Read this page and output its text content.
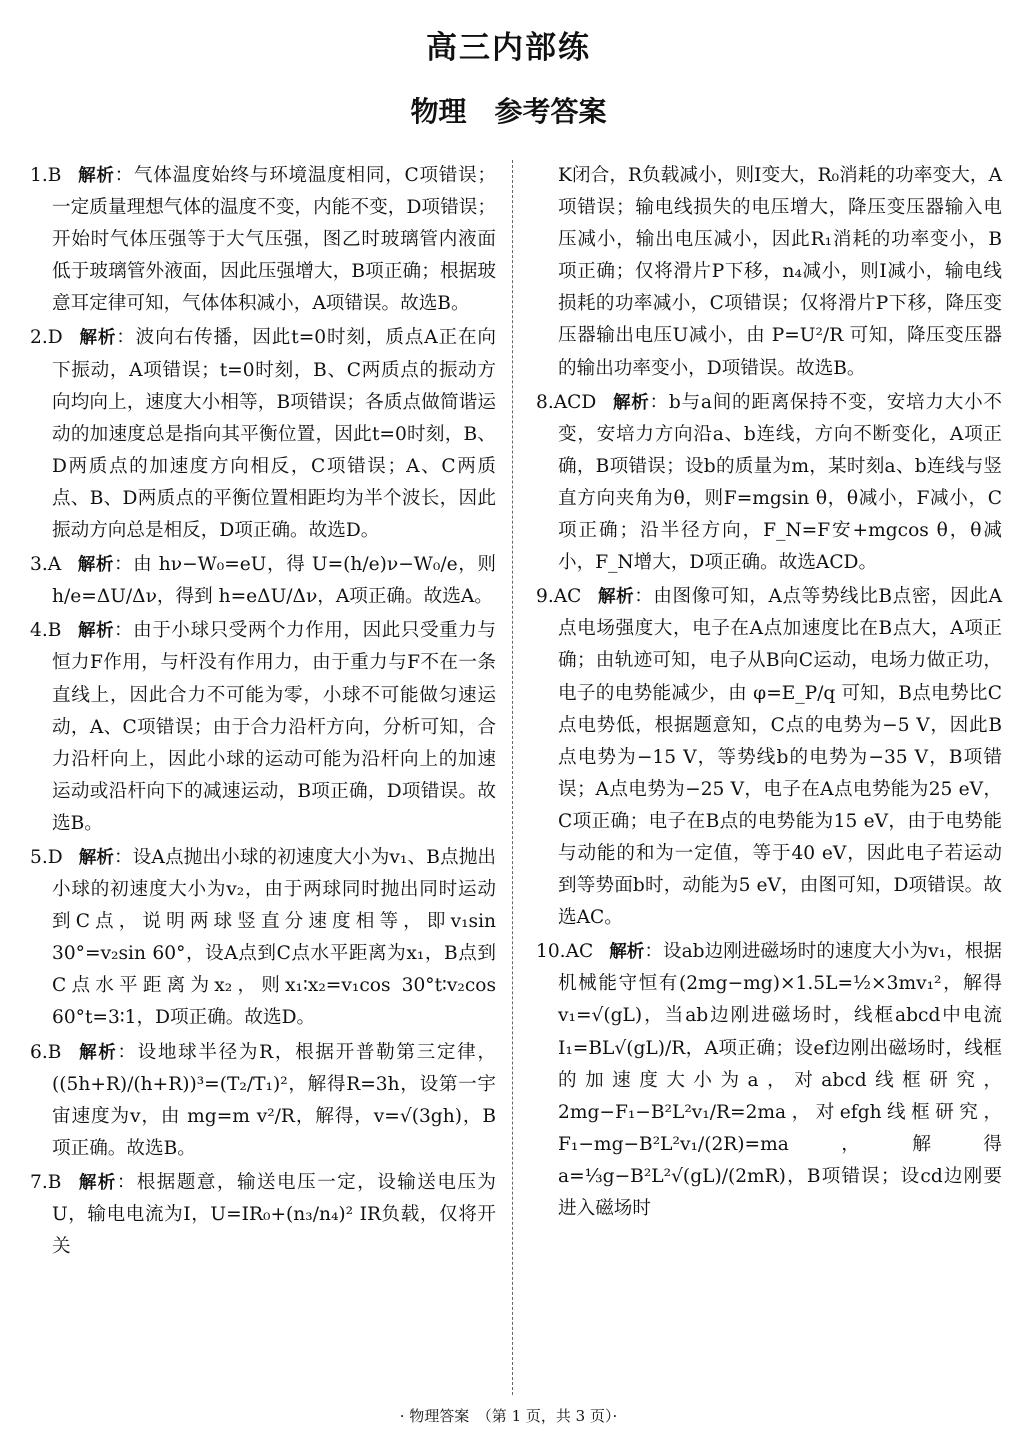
高三内部练
物理　参考答案

1.B 解析：气体温度始终与环境温度相同，C项错误；一定质量理想气体的温度不变，内能不变，D项错误；开始时气体压强等于大气压强，图乙时玻璃管内液面低于玻璃管外液面，因此压强增大，B项正确；根据玻意耳定律可知，气体体积减小，A项错误。故选B。

2.D 解析：波向右传播，因此t=0时刻，质点A正在向下振动，A项错误；t=0时刻，B、C两质点的振动方向均向上，速度大小相等，B项错误；各质点做简谐运动的加速度总是指向其平衡位置，因此t=0时刻，B、D两质点的加速度方向相反，C项错误；A、C两质点、B、D两质点的平衡位置相距均为半个波长，因此振动方向总是相反，D项正确。故选D。

3.A 解析：由 hν−W₀=eU，得 U=(h/e)ν−W₀/e，则 h/e=ΔU/Δν，得到 h=eΔU/Δν，A项正确。故选A。

4.B 解析：由于小球只受两个力作用，因此只受重力与恒力F作用，与杆没有作用力，由于重力与F不在一条直线上，因此合力不可能为零，小球不可能做匀速运动，A、C项错误；由于合力沿杆方向，分析可知，合力沿杆向上，因此小球的运动可能为沿杆向上的加速运动或沿杆向下的减速运动，B项正确，D项错误。故选B。

5.D 解析：设A点抛出小球的初速度大小为v₁、B点抛出小球的初速度大小为v₂，由于两球同时抛出同时运动到C点，说明两球竖直分速度相等，即v₁sin 30°=v₂sin 60°，设A点到C点水平距离为x₁，B点到C点水平距离为x₂，则x₁∶x₂=v₁cos 30°t∶v₂cos 60°t=3∶1，D项正确。故选D。

6.B 解析：设地球半径为R，根据开普勒第三定律，((5h+R)/(h+R))³=(T₂/T₁)²，解得R=3h，设第一宇宙速度为v，由 mg=m v²/R，解得，v=√(3gh)，B项正确。故选B。

7.B 解析：根据题意，输送电压一定，设输送电压为U，输电电流为I，U=IR₀+(n₃/n₄)² IR负载，仅将开关

K闭合，R负载减小，则I变大，R₀消耗的功率变大，A项错误；输电线损失的电压增大，降压变压器输入电压减小，输出电压减小，因此R₁消耗的功率变小，B项正确；仅将滑片P下移，n₄减小，则I减小，输电线损耗的功率减小，C项错误；仅将滑片P下移，降压变压器输出电压U减小，由 P=U²/R 可知，降压变压器的输出功率变小，D项错误。故选B。

8.ACD 解析：b与a间的距离保持不变，安培力大小不变，安培力方向沿a、b连线，方向不断变化，A项正确，B项错误；设b的质量为m，某时刻a、b连线与竖直方向夹角为θ，则F=mgsin θ，θ减小，F减小，C项正确；沿半径方向，F_N=F安+mgcos θ，θ减小，F_N增大，D项正确。故选ACD。

9.AC 解析：由图像可知，A点等势线比B点密，因此A点电场强度大，电子在A点加速度比在B点大，A项正确；由轨迹可知，电子从B向C运动，电场力做正功，电子的电势能减少，由 φ=E_P/q 可知，B点电势比C点电势低，根据题意知，C点的电势为−5 V，因此B点电势为−15 V，等势线b的电势为−35 V，B项错误；A点电势为−25 V，电子在A点电势能为25 eV，C项正确；电子在B点的电势能为15 eV，由于电势能与动能的和为一定值，等于40 eV，因此电子若运动到等势面b时，动能为5 eV，由图可知，D项错误。故选AC。

10.AC 解析：设ab边刚进磁场时的速度大小为v₁，根据机械能守恒有(2mg−mg)×1.5L=½×3mv₁²，解得 v₁=√(gL)，当ab边刚进磁场时，线框abcd中电流 I₁=BL√(gL)/R，A项正确；设ef边刚出磁场时，线框的加速度大小为a，对abcd线框研究，2mg−F₁−B²L²v₁/R=2ma，对efgh线框研究，F₁−mg−B²L²v₁/(2R)=ma，解得 a=⅓g−B²L²√(gL)/(2mR)，B项错误；设cd边刚要进入磁场时

· 物理答案　（第 1 页，共 3 页）·
